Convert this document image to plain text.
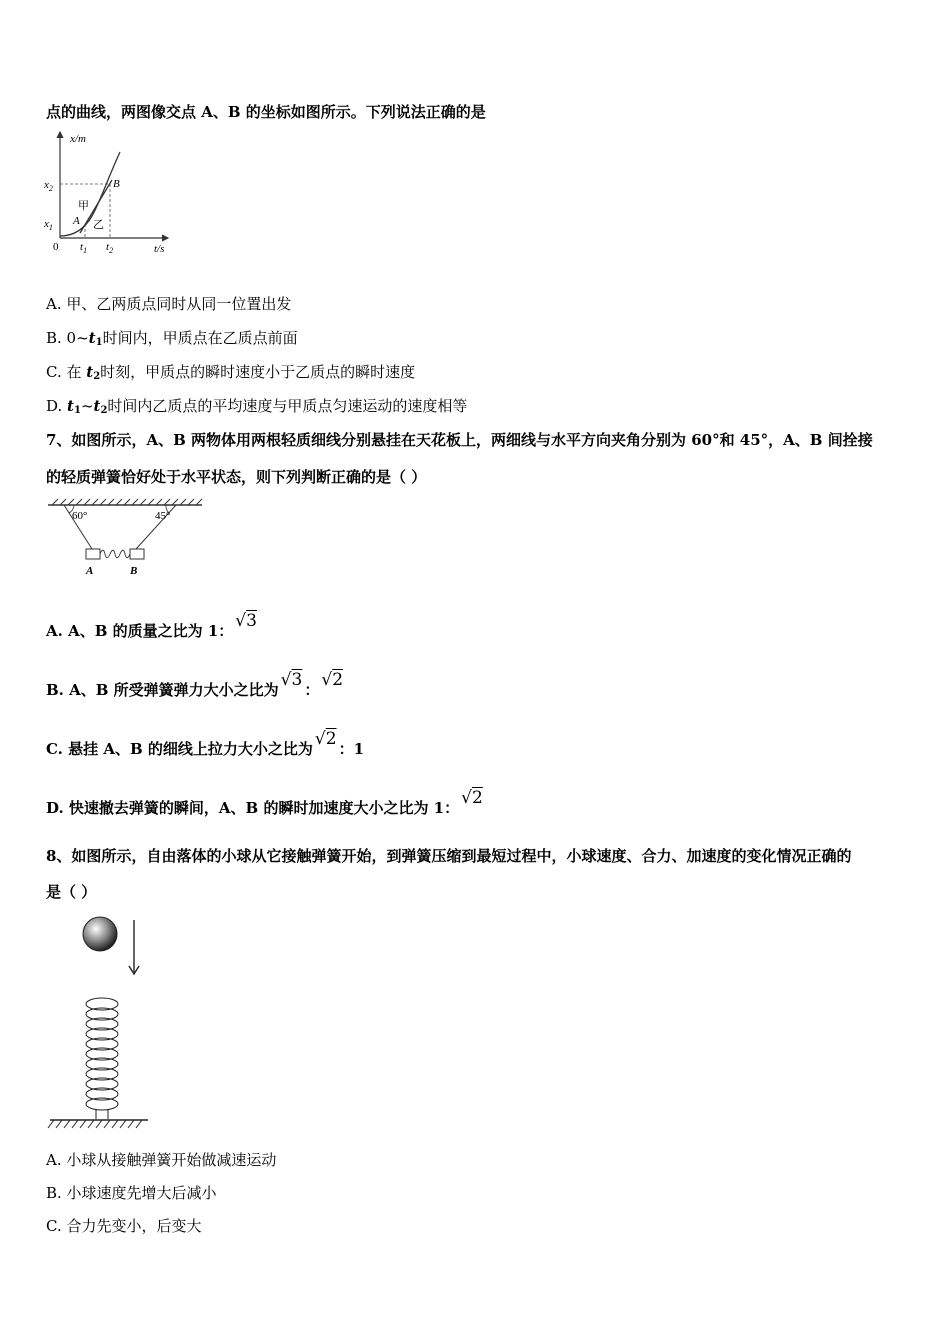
点的曲线，两图像交点 A、B 的坐标如图所示。下列说法正确的是
x/m
t/s
0
$x_2$
$x_1$
$t_1$ $t_2$
A
B
甲
乙
A. 甲、乙两质点同时从同一位置出发
B. $0\sim t_1$时间内，甲质点在乙质点前面
C. 在 $t_2$时刻，甲质点的瞬时速度小于乙质点的瞬时速度
D. $t_1\sim t_2$时间内乙质点的平均速度与甲质点匀速运动的速度相等
7、如图所示，A、B 两物体用两根轻质细线分别悬挂在天花板上，两细线与水平方向夹角分别为 60°和 45°，A、B 间拴接
的轻质弹簧恰好处于水平状态，则下列判断正确的是（ ）
60°	45°
A	B
A. A、B 的质量之比为 1： √3
B. A、B 所受弹簧弹力大小之比为 √3 ： √2
C. 悬挂 A、B 的细线上拉力大小之比为 √2 ：1
D. 快速撤去弹簧的瞬间，A、B 的瞬时加速度大小之比为 1： √2
8、如图所示，自由落体的小球从它接触弹簧开始，到弹簧压缩到最短过程中，小球速度、合力、加速度的变化情况正确的
是（ ）
A. 小球从接触弹簧开始做减速运动
B. 小球速度先增大后减小
C. 合力先变小，后变大
